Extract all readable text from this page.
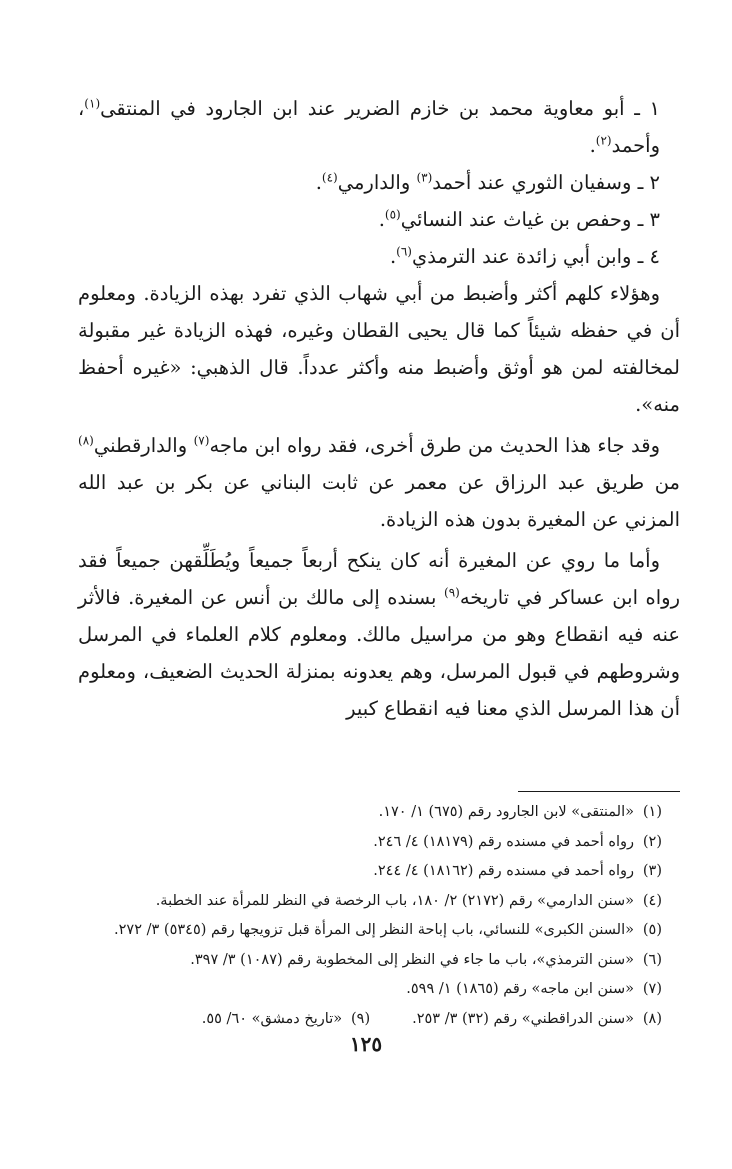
١ ـ أبو معاوية محمد بن خازم الضرير عند ابن الجارود في المنتقى$^{(١)}$، وأحمد$^{(٢)}$.

٢ ـ وسفيان الثوري عند أحمد$^{(٣)}$ والدارمي$^{(٤)}$.

٣ ـ وحفص بن غياث عند النسائي$^{(٥)}$.

٤ ـ وابن أبي زائدة عند الترمذي$^{(٦)}$.

وهؤلاء كلهم أكثر وأضبط من أبي شهاب الذي تفرد بهذه الزيادة. ومعلوم أن في حفظه شيئاً كما قال يحيى القطان وغيره، فهذه الزيادة غير مقبولة لمخالفته لمن هو أوثق وأضبط منه وأكثر عدداً. قال الذهبي: «غيره أحفظ منه».

وقد جاء هذا الحديث من طرق أخرى، فقد رواه ابن ماجه$^{(٧)}$ والدارقطني$^{(٨)}$ من طريق عبد الرزاق عن معمر عن ثابت البناني عن بكر بن عبد الله المزني عن المغيرة بدون هذه الزيادة.

وأما ما روي عن المغيرة أنه كان ينكح أربعاً جميعاً ويُطَلِّقهن جميعاً فقد رواه ابن عساكر في تاريخه$^{(٩)}$ بسنده إلى مالك بن أنس عن المغيرة. فالأثر عنه فيه انقطاع وهو من مراسيل مالك. ومعلوم كلام العلماء في المرسل وشروطهم في قبول المرسل، وهم يعدونه بمنزلة الحديث الضعيف، ومعلوم أن هذا المرسل الذي معنا فيه انقطاع كبير

(١)«المنتقى» لابن الجارود رقم (٦٧٥) ١/ ١٧٠.
(٢)رواه أحمد في مسنده رقم (١٨١٧٩) ٤/ ٢٤٦.
(٣)رواه أحمد في مسنده رقم (١٨١٦٢) ٤/ ٢٤٤.
(٤)«سنن الدارمي» رقم (٢١٧٢) ٢/ ١٨٠، باب الرخصة في النظر للمرأة عند الخطبة.
(٥)«السنن الكبرى» للنسائي، باب إباحة النظر إلى المرأة قبل تزويجها رقم (٥٣٤٥) ٣/ ٢٧٢.
(٦)«سنن الترمذي»، باب ما جاء في النظر إلى المخطوبة رقم (١٠٨٧) ٣/ ٣٩٧.
(٧)«سنن ابن ماجه» رقم (١٨٦٥) ١/ ٥٩٩.
(٨)«سنن الدراقطني» رقم (٣٢) ٣/ ٢٥٣.(٩)«تاريخ دمشق» ٦٠/ ٥٥.
١٢٥
